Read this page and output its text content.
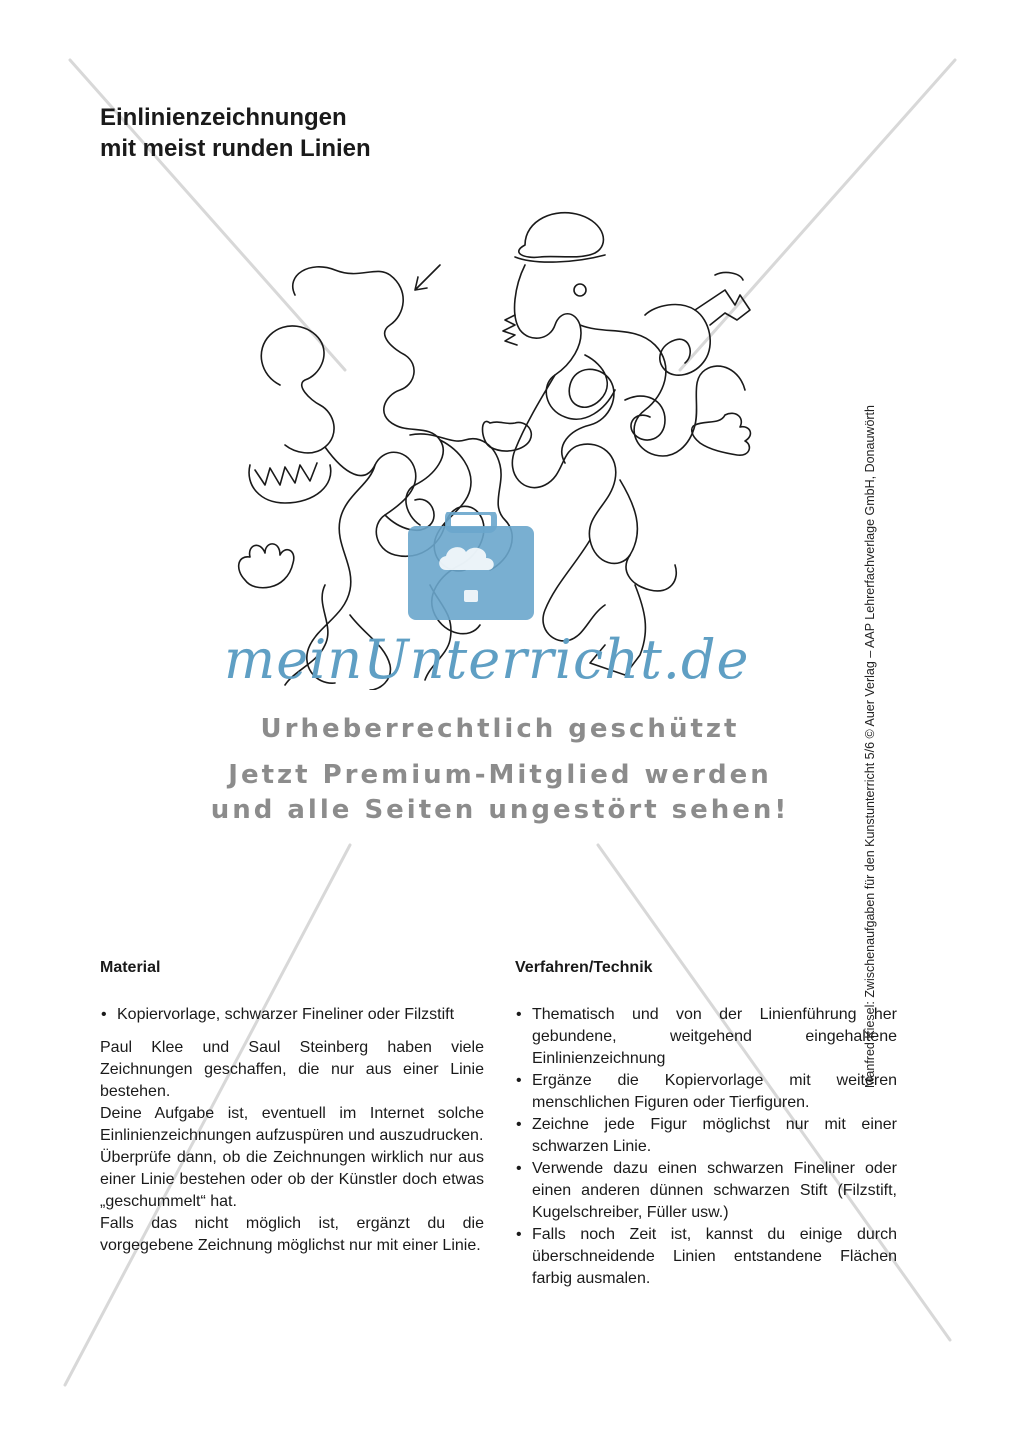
Einlinienzeichnungen
mit meist runden Linien
meinUnterricht.de
Urheberrechtlich geschützt
Jetzt Premium-Mitglied werden
und alle Seiten ungestört sehen!	Manfred Kiesel: Zwischenaufgaben für den Kunstunterricht 5/6 © Auer Verlag – AAP Lehrerfachverlage GmbH, Donauwörth
Material
• Kopiervorlage, schwarzer Fineliner oder Filzstift

Paul Klee und Saul Steinberg haben viele Zeichnungen geschaffen, die nur aus einer Linie bestehen.

Deine Aufgabe ist, eventuell im Internet solche Einlinienzeichnungen aufzuspüren und auszudrucken.

Überprüfe dann, ob die Zeichnungen wirklich nur aus einer Linie bestehen oder ob der Künstler doch etwas „geschummelt“ hat.

Falls das nicht möglich ist, ergänzt du die vorgegebene Zeichnung möglichst nur mit einer Linie.

Verfahren/Technik
• Thematisch und von der Linienführung her gebundene, weitgehend eingehaltene Einlinienzeichnung
• Ergänze die Kopiervorlage mit weiteren menschlichen Figuren oder Tierfiguren.
• Zeichne jede Figur möglichst nur mit einer schwarzen Linie.
• Verwende dazu einen schwarzen Fineliner oder einen anderen dünnen schwarzen Stift (Filzstift, Kugelschreiber, Füller usw.)
• Falls noch Zeit ist, kannst du einige durch überschneidende Linien entstandene Flächen farbig ausmalen.
